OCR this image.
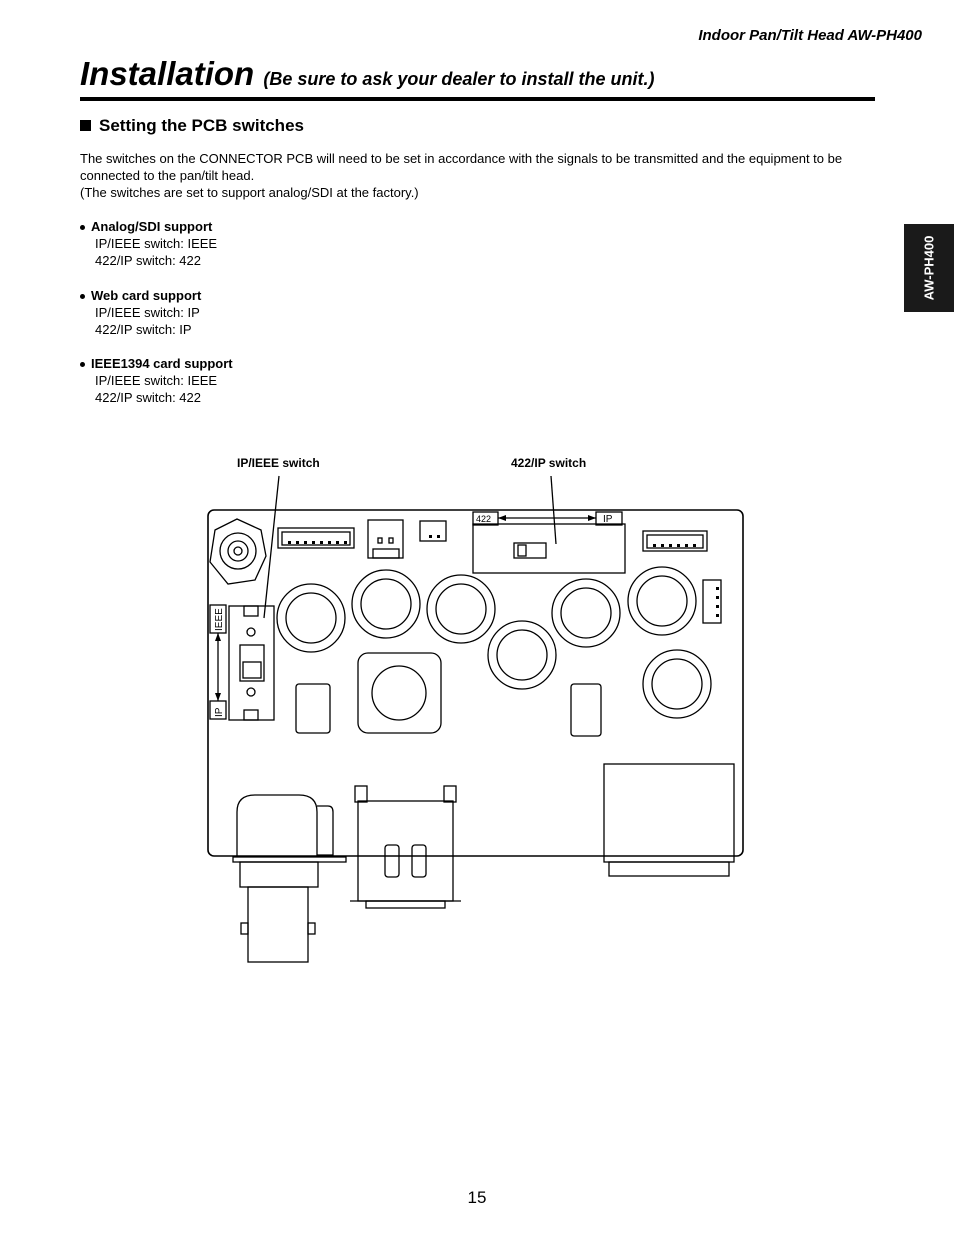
Indoor Pan/Tilt Head AW-PH400
Installation (Be sure to ask your dealer to install the unit.)
Setting the PCB switches

The switches on the CONNECTOR PCB will need to be set in accordance with the signals to be transmitted and the equipment to be connected to the pan/tilt head.

(The switches are set to support analog/SDI at the factory.)

Analog/SDI support
IP/IEEE switch: IEEE
422/IP switch: 422
Web card support
IP/IEEE switch: IP
422/IP switch: IP
IEEE1394 card support
IP/IEEE switch: IEEE
422/IP switch: 422
AW-PH400
IP/IEEE switch	422/IP switch
422	IP
IEEE
IP
15
